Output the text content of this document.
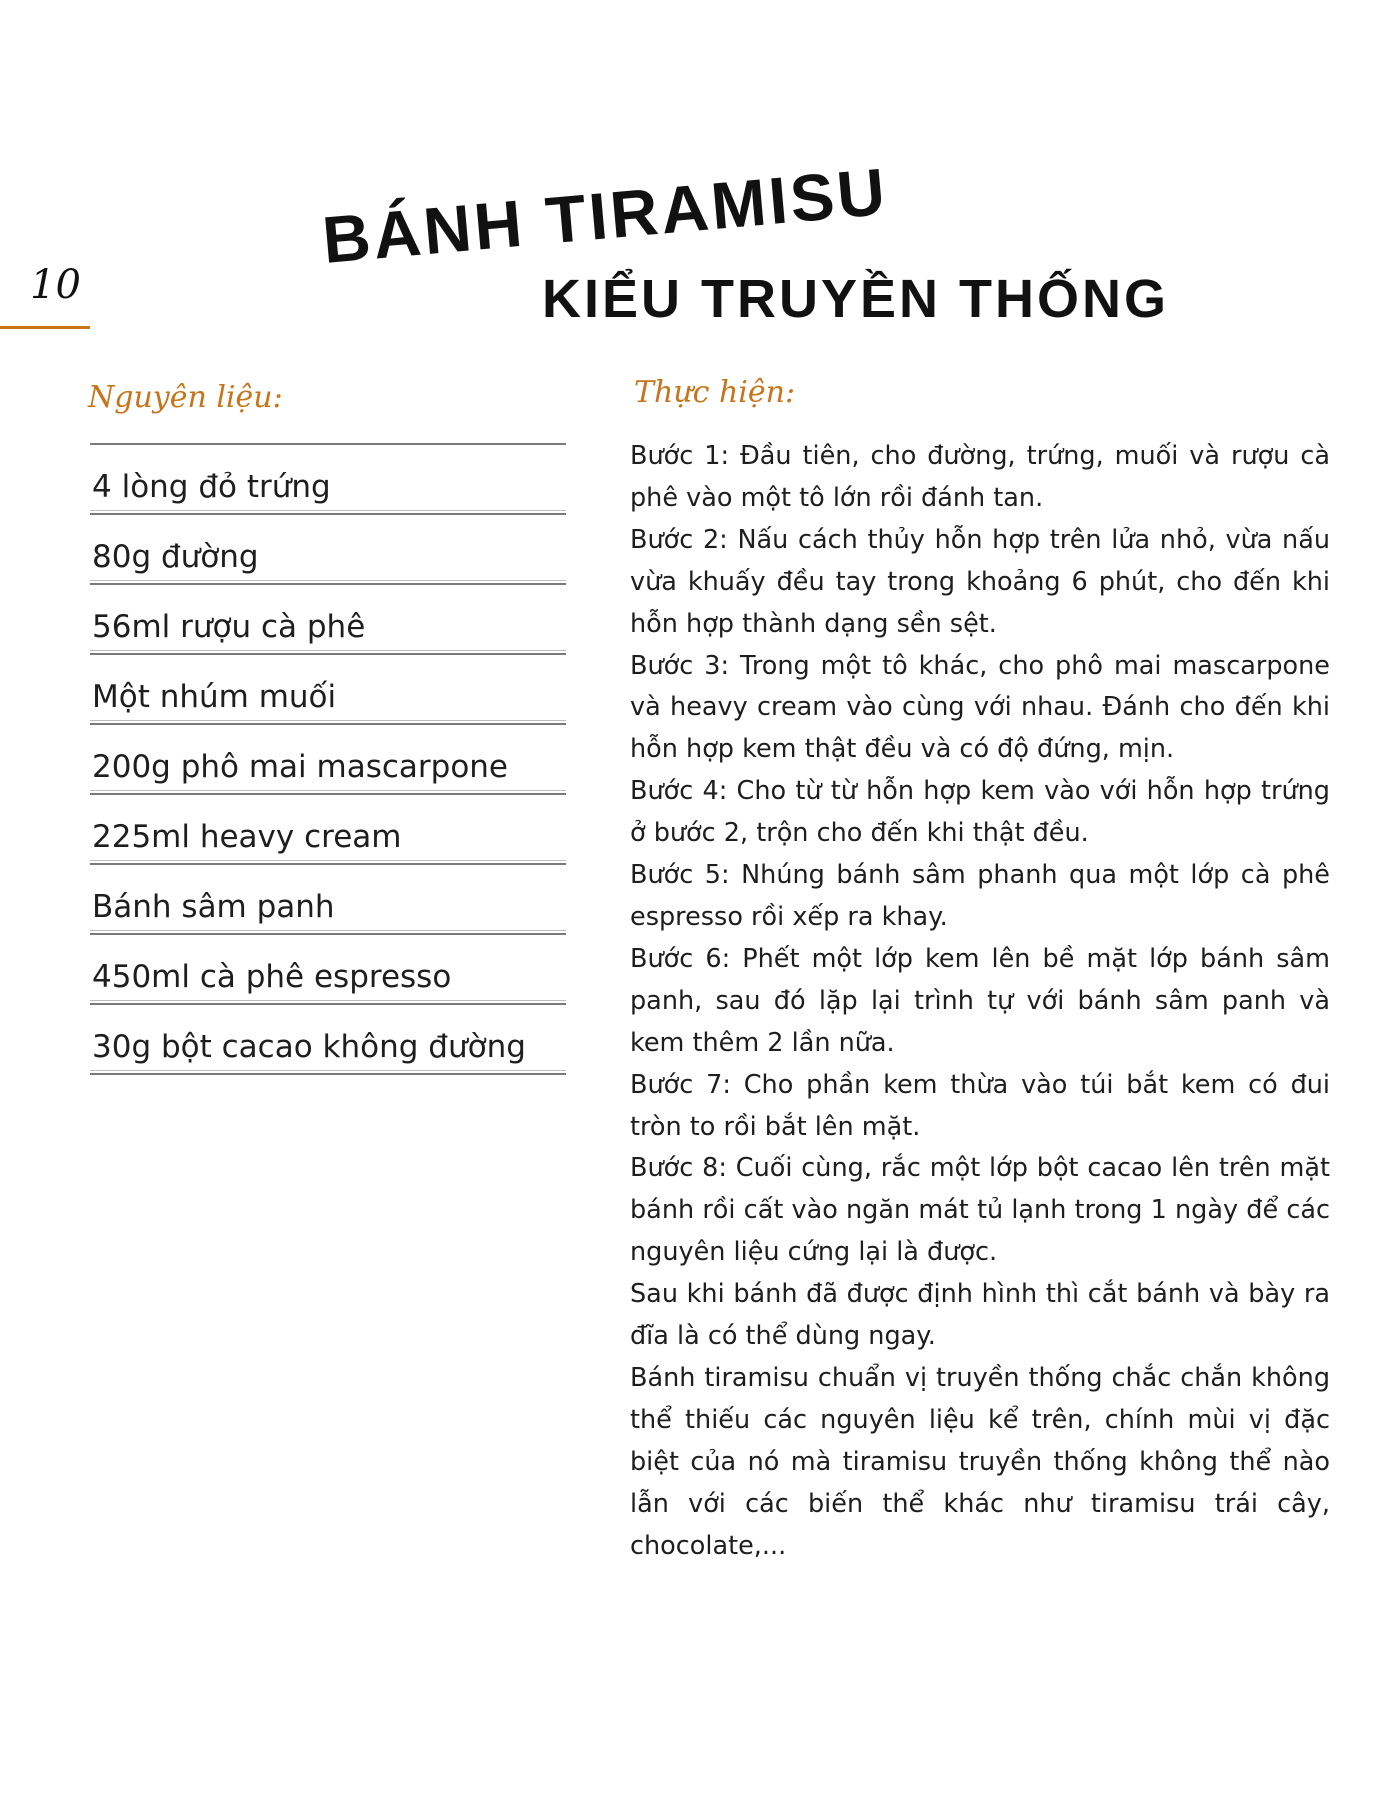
10
BÁNH TIRAMISU
KIỂU TRUYỀN THỐNG
Nguyên liệu:
4 lòng đỏ trứng
80g đường
56ml rượu cà phê
Một nhúm muối
200g phô mai mascarpone
225ml heavy cream
Bánh sâm panh
450ml cà phê espresso
30g bột cacao không đường
Thực hiện:

Bước 1: Đầu tiên, cho đường, trứng, muối và rượu cà phê vào một tô lớn rồi đánh tan.

Bước 2: Nấu cách thủy hỗn hợp trên lửa nhỏ, vừa nấu vừa khuấy đều tay trong khoảng 6 phút, cho đến khi hỗn hợp thành dạng sền sệt.

Bước 3: Trong một tô khác, cho phô mai mascarpone và heavy cream vào cùng với nhau. Đánh cho đến khi hỗn hợp kem thật đều và có độ đứng, mịn.

Bước 4: Cho từ từ hỗn hợp kem vào với hỗn hợp trứng ở bước 2, trộn cho đến khi thật đều.

Bước 5: Nhúng bánh sâm phanh qua một lớp cà phê espresso rồi xếp ra khay.

Bước 6: Phết một lớp kem lên bề mặt lớp bánh sâm panh, sau đó lặp lại trình tự với bánh sâm panh và kem thêm 2 lần nữa.

Bước 7: Cho phần kem thừa vào túi bắt kem có đui tròn to rồi bắt lên mặt.

Bước 8: Cuối cùng, rắc một lớp bột cacao lên trên mặt bánh rồi cất vào ngăn mát tủ lạnh trong 1 ngày để các nguyên liệu cứng lại là được.

Sau khi bánh đã được định hình thì cắt bánh và bày ra đĩa là có thể dùng ngay.

Bánh tiramisu chuẩn vị truyền thống chắc chắn không thể thiếu các nguyên liệu kể trên, chính mùi vị đặc biệt của nó mà tiramisu truyền thống không thể nào lẫn với các biến thể khác như tiramisu trái cây, chocolate,...
